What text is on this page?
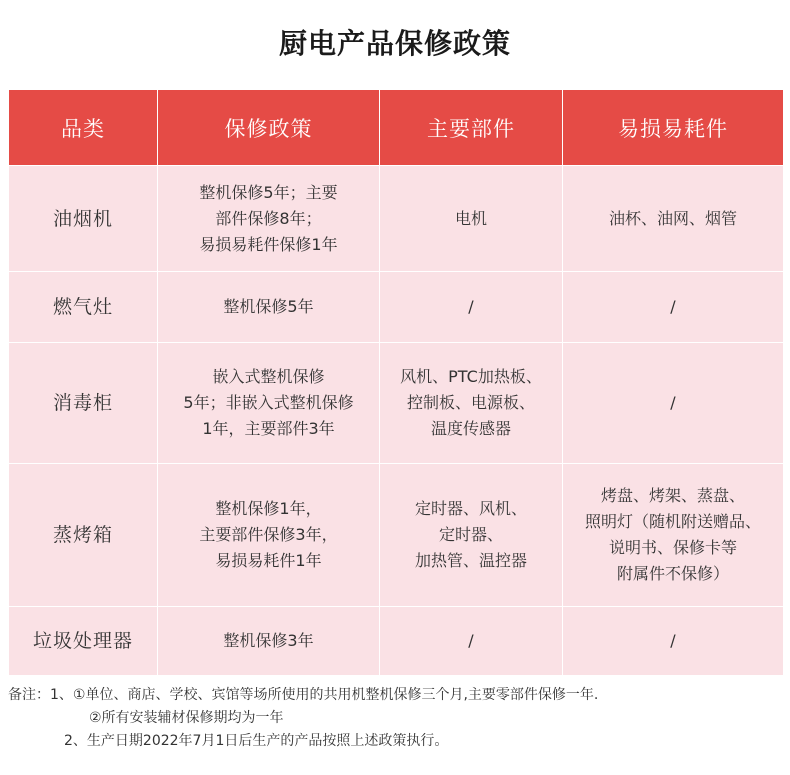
厨电产品保修政策
品类	保修政策	主要部件	易损易耗件
油烟机	整机保修5年；主要
部件保修8年；
易损易耗件保修1年	电机	油杯、油网、烟管

燃气灶	整机保修5年	/	/

消毒柜	嵌入式整机保修
5年；非嵌入式整机保修
1年，主要部件3年	风机、PTC加热板、
控制板、电源板、
温度传感器	/

蒸烤箱	整机保修1年，
主要部件保修3年，
易损易耗件1年	定时器、风机、
定时器、
加热管、温控器	烤盘、烤架、蒸盘、
照明灯（随机附送赠品、
说明书、保修卡等
附属件不保修）

垃圾处理器	整机保修3年	/	/
备注：1、①单位、商店、学校、宾馆等场所使用的共用机整机保修三个月,主要零部件保修一年.
②所有安装辅材保修期均为一年
2、生产日期2022年7月1日后生产的产品按照上述政策执行。
